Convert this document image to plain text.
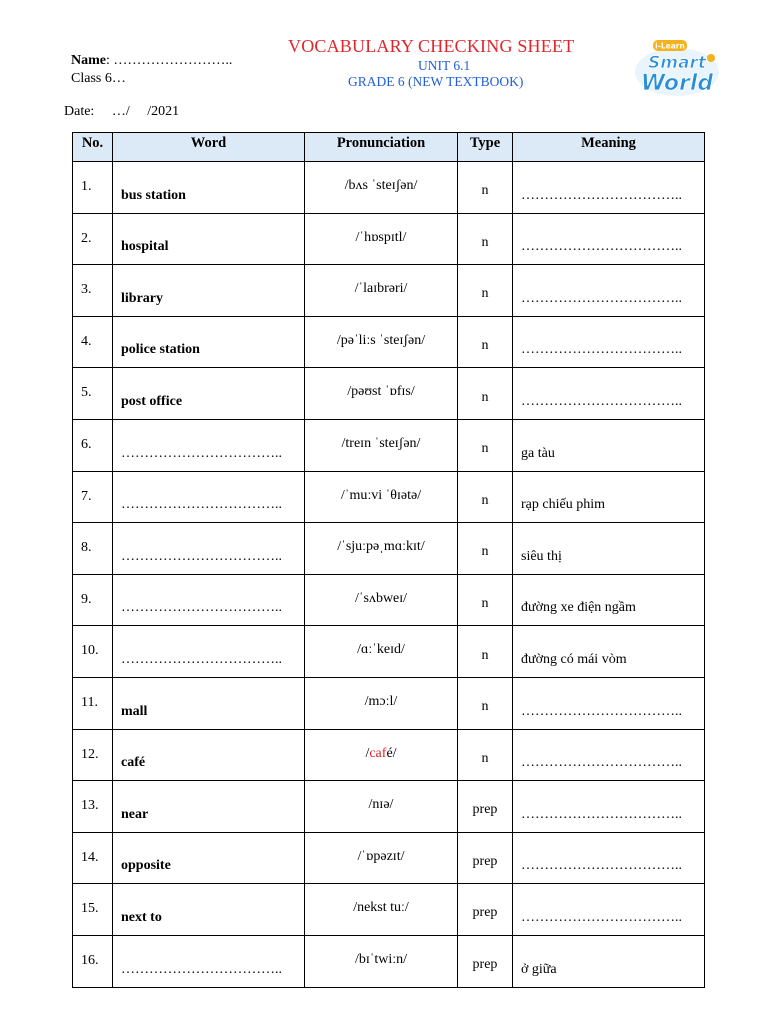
VOCABULARY CHECKING SHEET
UNIT 6.1
GRADE 6 (NEW TEXTBOOK)
Name: ……………………..
Class 6…
Date:     …/     /2021
i-Learn
Smart
World
No.	Word	Pronunciation	Type	Meaning
1.	bus station	/bʌs ˈsteɪʃən/	n	……………………………..
2.	hospital	/ˈhɒspɪtl/	n	……………………………..
3.	library	/ˈlaɪbrəri/	n	……………………………..
4.	police station	/pəˈliːs ˈsteɪʃən/	n	……………………………..
5.	post office	/pəʊst ˈɒfɪs/	n	……………………………..
6.	……………………………..	/treɪn ˈsteɪʃən/	n	ga tàu
7.	……………………………..	/ˈmuːvi ˈθɪətə/	n	rạp chiếu phim
8.	……………………………..	/ˈsjuːpəˌmɑːkɪt/	n	siêu thị
9.	……………………………..	/ˈsʌbweɪ/	n	đường xe điện ngầm
10.	……………………………..	/ɑːˈkeɪd/	n	đường có mái vòm
11.	mall	/mɔːl/	n	……………………………..
12.	café	/café/	n	……………………………..
13.	near	/nɪə/	prep	……………………………..
14.	opposite	/ˈɒpəzɪt/	prep	……………………………..
15.	next to	/nekst tuː/	prep	……………………………..
16.	……………………………..	/bɪˈtwiːn/	prep	ở giữa
